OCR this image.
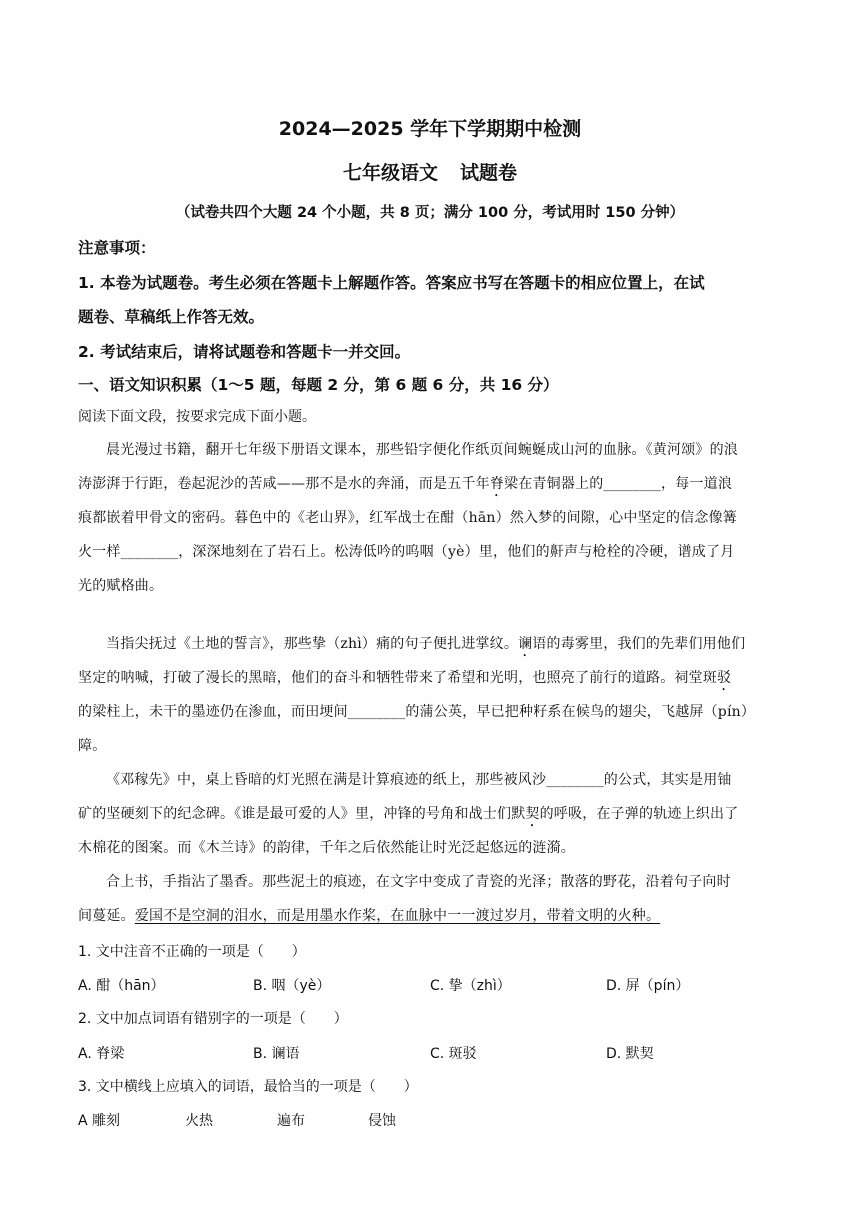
2024—2025 学年下学期期中检测
七年级语文 试题卷
（试卷共四个大题 24 个小题，共 8 页；满分 100 分，考试用时 150 分钟）
注意事项：
1. 本卷为试题卷。考生必须在答题卡上解题作答。答案应书写在答题卡的相应位置上，在试
题卷、草稿纸上作答无效。
2. 考试结束后，请将试题卷和答题卡一并交回。
一、语文知识积累（1～5 题，每题 2 分，第 6 题 6 分，共 16 分）
阅读下面文段，按要求完成下面小题。
晨光漫过书籍，翻开七年级下册语文课本，那些铅字便化作纸页间蜿蜒成山河的血脉。《黄河颂》的浪
涛澎湃于行距，卷起泥沙的苦咸——那不是水的奔涌，而是五千年脊梁在青铜器上的________，每一道浪
痕都嵌着甲骨文的密码。暮色中的《老山界》，红军战士在酣（hān）然入梦的间隙，心中坚定的信念像篝
火一样________，深深地刻在了岩石上。松涛低吟的呜咽（yè）里，他们的鼾声与枪栓的冷硬，谱成了月
光的赋格曲。
当指尖抚过《土地的誓言》，那些挚（zhì）痛的句子便扎进掌纹。谰语的毒雾里，我们的先辈们用他们
坚定的呐喊，打破了漫长的黑暗，他们的奋斗和牺牲带来了希望和光明，也照亮了前行的道路。祠堂斑驳
的梁柱上，未干的墨迹仍在渗血，而田埂间________的蒲公英，早已把种籽系在候鸟的翅尖，飞越屏（pín）
障。
《邓稼先》中，桌上昏暗的灯光照在满是计算痕迹的纸上，那些被风沙________的公式，其实是用铀
矿的坚硬刻下的纪念碑。《谁是最可爱的人》里，冲锋的号角和战士们默契的呼吸，在子弹的轨迹上织出了
木棉花的图案。而《木兰诗》的韵律，千年之后依然能让时光泛起悠远的涟漪。
合上书，手指沾了墨香。那些泥土的痕迹，在文字中变成了青瓷的光泽；散落的野花，沿着句子向时
间蔓延。爱国不是空洞的泪水，而是用墨水作桨，在血脉中一一渡过岁月，带着文明的火种。
1. 文中注音不正确的一项是（　　）
A. 酣（hān）	B. 咽（yè）	C. 挚（zhì）	D. 屏（pín）
2. 文中加点词语有错别字的一项是（　　）
A. 脊梁	B. 谰语	C. 斑驳	D. 默契
3. 文中横线上应填入的词语，最恰当的一项是（　　）
A 雕刻	火热	遍布	侵蚀
